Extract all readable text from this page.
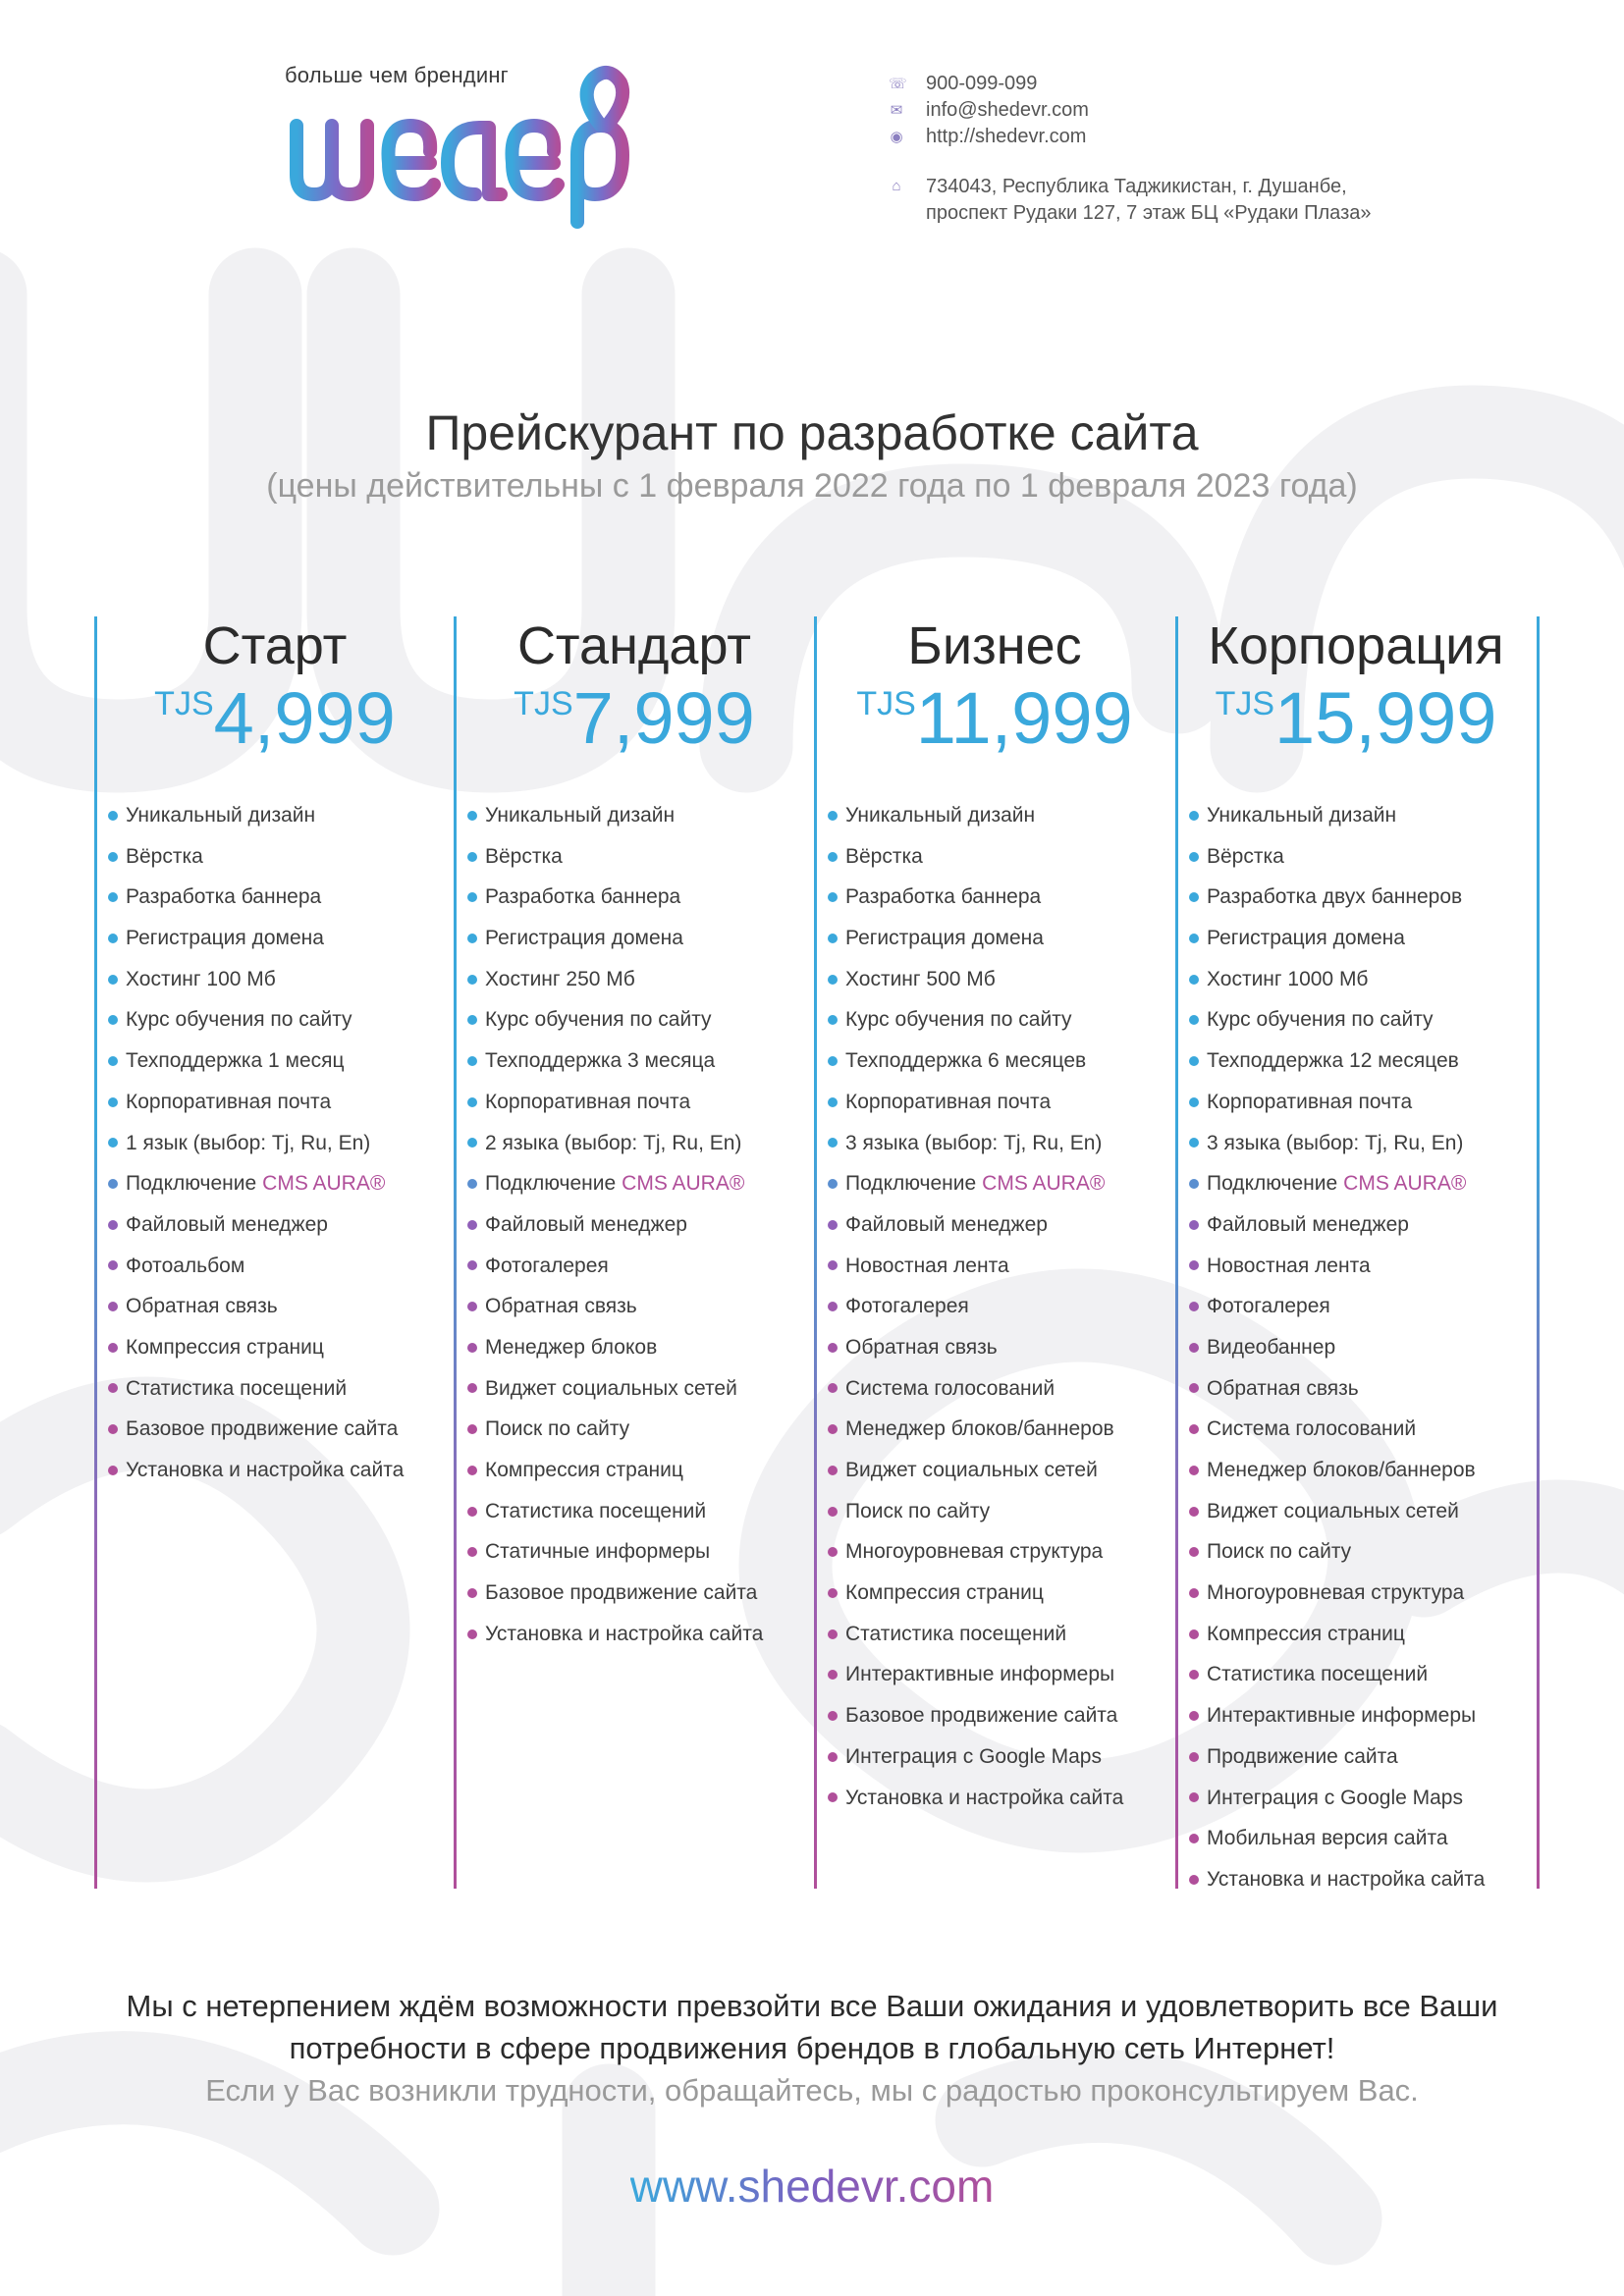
больше чем брендинг	☏ 900-099-099
✉ info@shedevr.com
◉ http://shedevr.com
⌂ 734043, Республика Таджикистан, г. Душанбе,
проспект Рудаки 127, 7 этаж БЦ «Рудаки Плаза»
Прейскурант по разработке сайта
(цены действительны с 1 февраля 2022 года по 1 февраля 2023 года)
Старт
TJS4,999
Уникальный дизайн
Вёрстка
Разработка баннера
Регистрация домена
Хостинг 100 Мб
Курс обучения по сайту
Техподдержка 1 месяц
Корпоративная почта
1 язык (выбор: Tj, Ru, En)
Подключение CMS AURA®
Файловый менеджер
Фотоальбом
Обратная связь
Компрессия страниц
Статистика посещений
Базовое продвижение сайта
Установка и настройка сайта
Стандарт
TJS7,999
Уникальный дизайн
Вёрстка
Разработка баннера
Регистрация домена
Хостинг 250 Мб
Курс обучения по сайту
Техподдержка 3 месяца
Корпоративная почта
2 языка (выбор: Tj, Ru, En)
Подключение CMS AURA®
Файловый менеджер
Фотогалерея
Обратная связь
Менеджер блоков
Виджет социальных сетей
Поиск по сайту
Компрессия страниц
Статистика посещений
Статичные информеры
Базовое продвижение сайта
Установка и настройка сайта
Бизнес
TJS11,999
Уникальный дизайн
Вёрстка
Разработка баннера
Регистрация домена
Хостинг 500 Мб
Курс обучения по сайту
Техподдержка 6 месяцев
Корпоративная почта
3 языка (выбор: Tj, Ru, En)
Подключение CMS AURA®
Файловый менеджер
Новостная лента
Фотогалерея
Обратная связь
Система голосований
Менеджер блоков/баннеров
Виджет социальных сетей
Поиск по сайту
Многоуровневая структура
Компрессия страниц
Статистика посещений
Интерактивные информеры
Базовое продвижение сайта
Интеграция с Google Maps
Установка и настройка сайта
Корпорация
TJS15,999
Уникальный дизайн
Вёрстка
Разработка двух баннеров
Регистрация домена
Хостинг 1000 Мб
Курс обучения по сайту
Техподдержка 12 месяцев
Корпоративная почта
3 языка (выбор: Tj, Ru, En)
Подключение CMS AURA®
Файловый менеджер
Новостная лента
Фотогалерея
Видеобаннер
Обратная связь
Система голосований
Менеджер блоков/баннеров
Виджет социальных сетей
Поиск по сайту
Многоуровневая структура
Компрессия страниц
Статистика посещений
Интерактивные информеры
Продвижение сайта
Интеграция с Google Maps
Мобильная версия сайта
Установка и настройка сайта
Мы с нетерпением ждём возможности превзойти все Ваши ожидания и удовлетворить все Ваши
потребности в сфере продвижения брендов в глобальную сеть Интернет!
Если у Вас возникли трудности, обращайтесь, мы с радостью проконсультируем Вас.
www.shedevr.com
